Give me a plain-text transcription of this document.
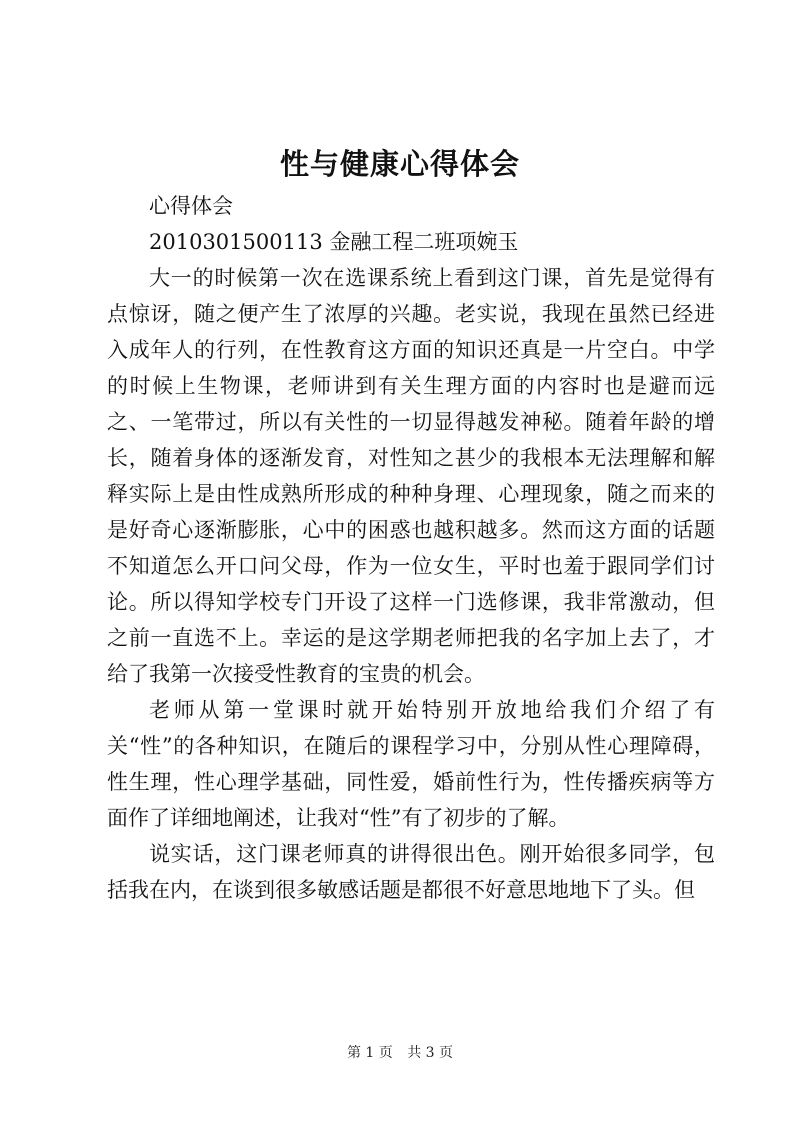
性与健康心得体会

心得体会

2010301500113 金融工程二班项婉玉

大一的时候第一次在选课系统上看到这门课，首先是觉得有点惊讶，随之便产生了浓厚的兴趣。老实说，我现在虽然已经进入成年人的行列，在性教育这方面的知识还真是一片空白。中学的时候上生物课，老师讲到有关生理方面的内容时也是避而远之、一笔带过，所以有关性的一切显得越发神秘。随着年龄的增长，随着身体的逐渐发育，对性知之甚少的我根本无法理解和解释实际上是由性成熟所形成的种种身理、心理现象，随之而来的是好奇心逐渐膨胀，心中的困惑也越积越多。然而这方面的话题不知道怎么开口问父母，作为一位女生，平时也羞于跟同学们讨论。所以得知学校专门开设了这样一门选修课，我非常激动，但之前一直选不上。幸运的是这学期老师把我的名字加上去了，才给了我第一次接受性教育的宝贵的机会。

老师从第一堂课时就开始特别开放地给我们介绍了有关“性”的各种知识，在随后的课程学习中，分别从性心理障碍，性生理，性心理学基础，同性爱，婚前性行为，性传播疾病等方面作了详细地阐述，让我对“性”有了初步的了解。

说实话，这门课老师真的讲得很出色。刚开始很多同学，包括我在内，在谈到很多敏感话题是都很不好意思地地下了头。但

第 1 页 共 3 页
